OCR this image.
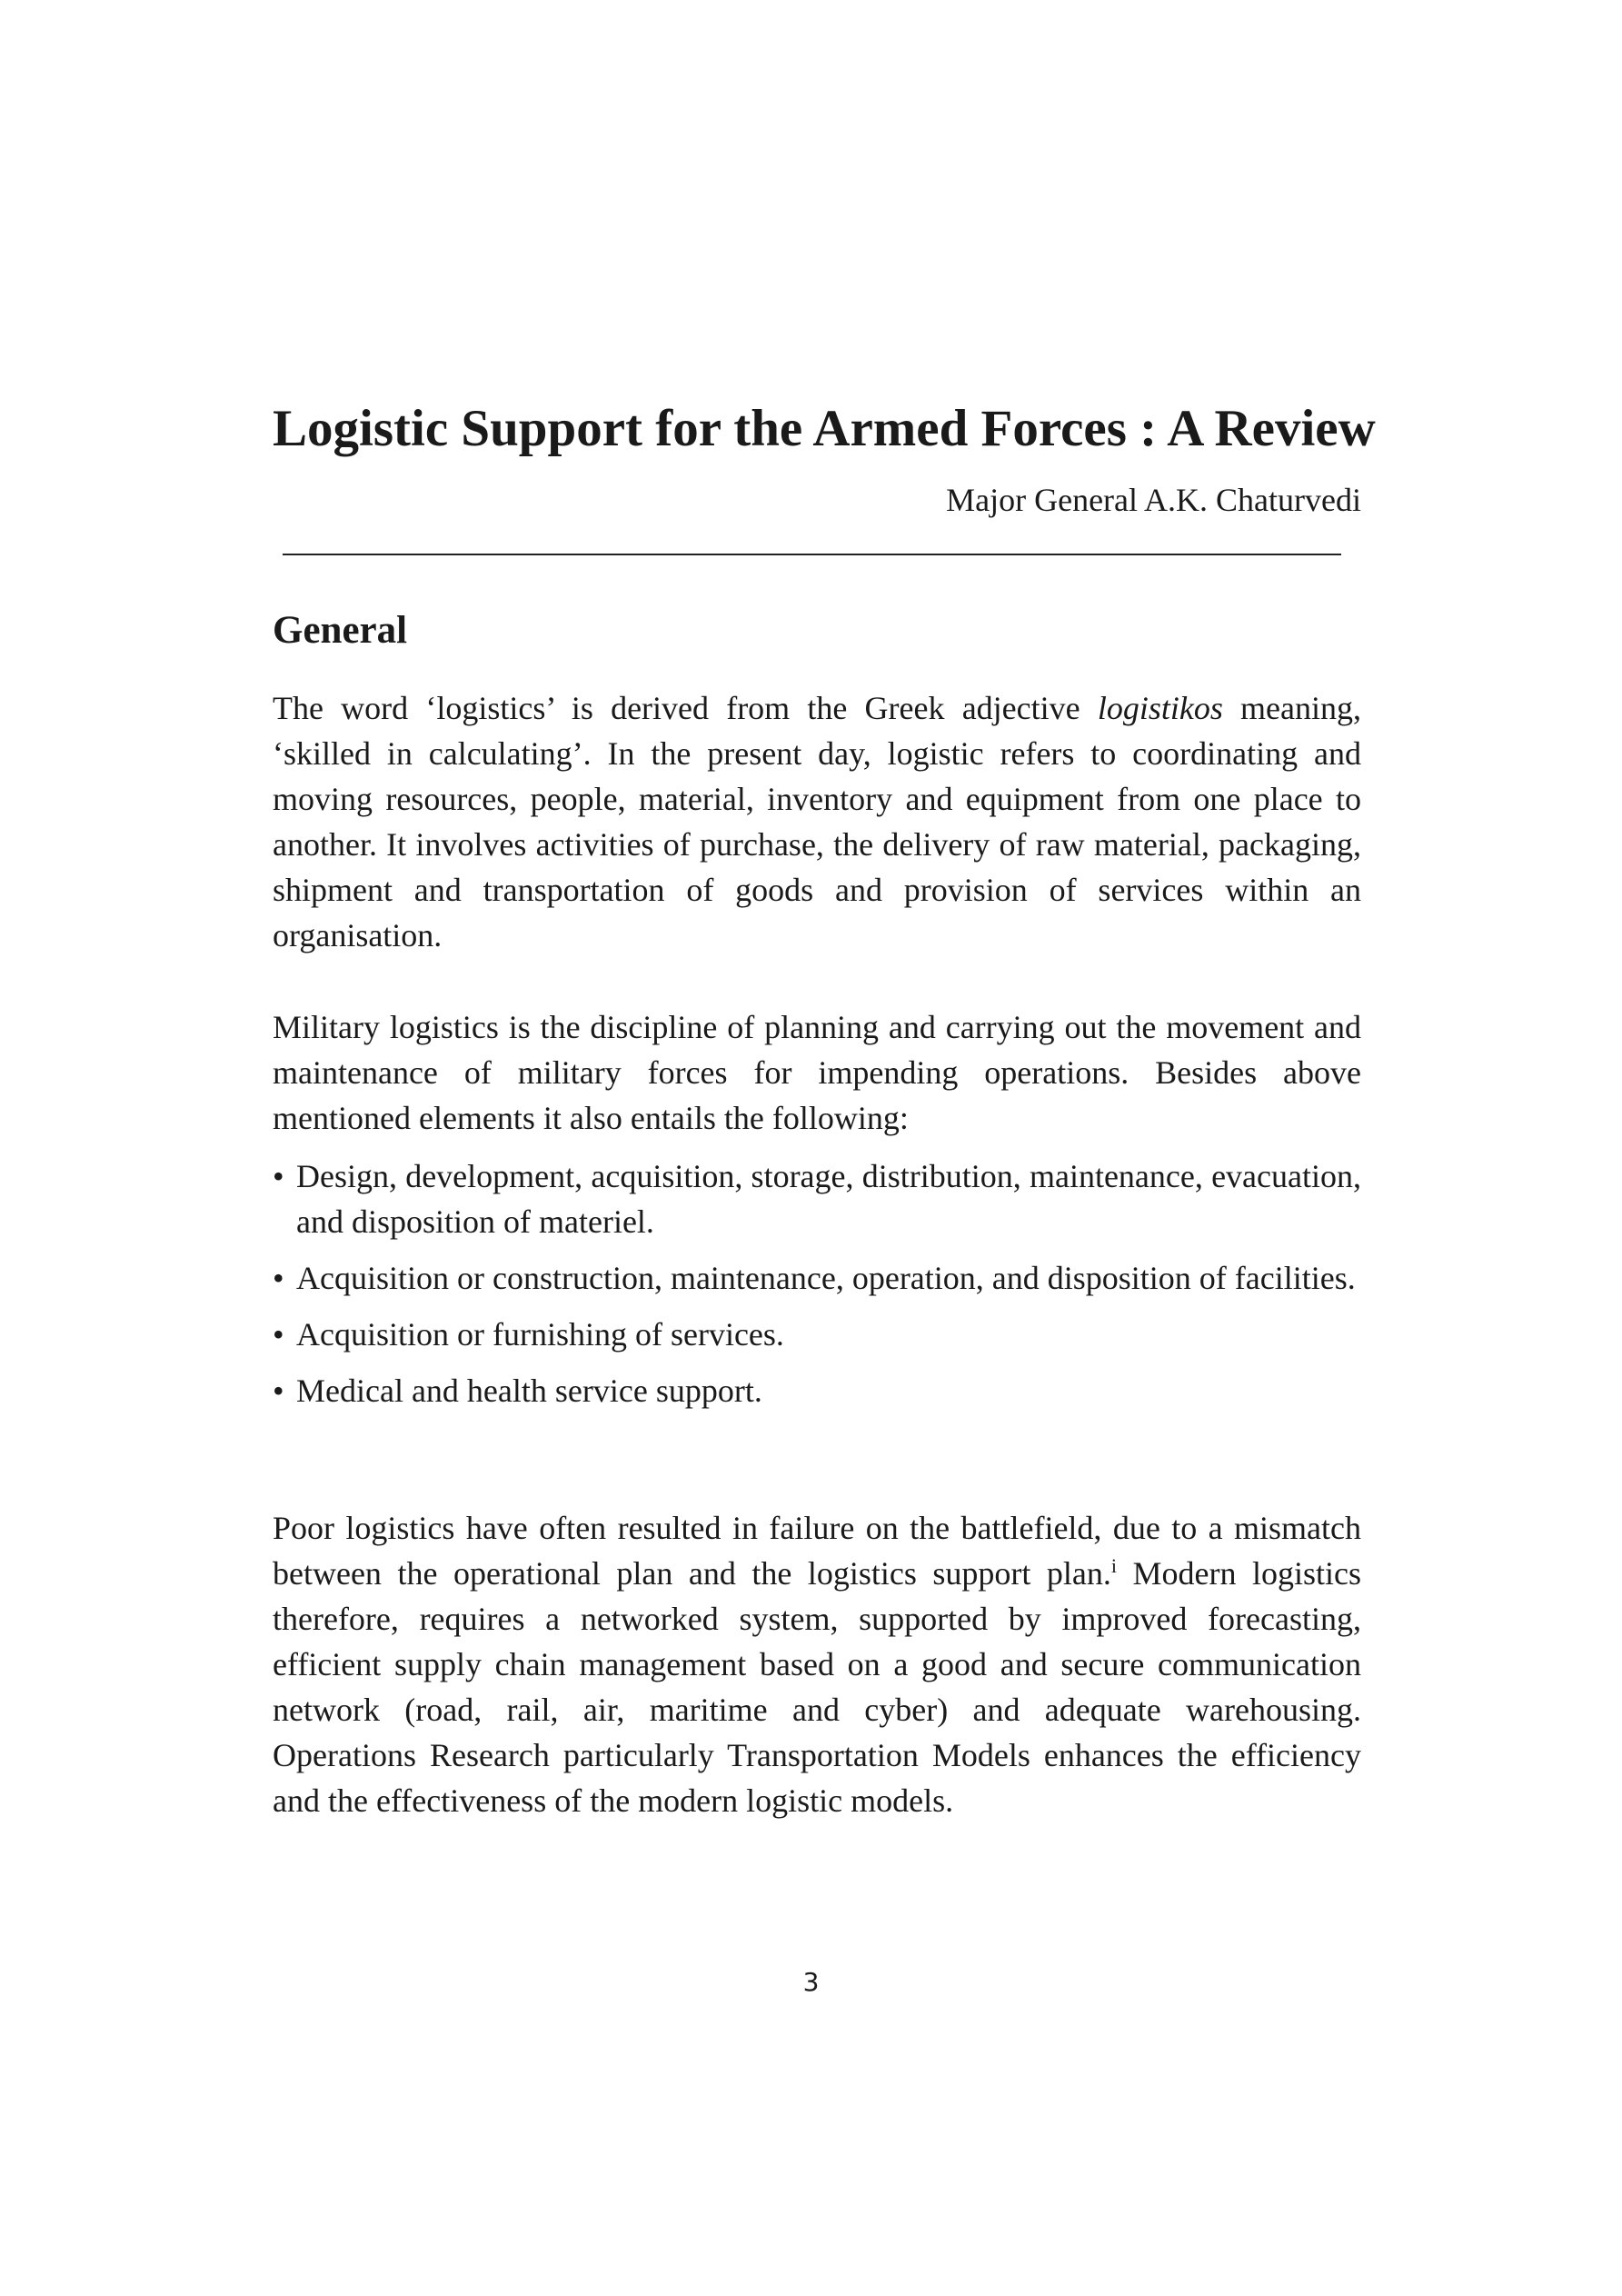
Logistic Support for the Armed Forces : A Review

Major General A.K. Chaturvedi

General

The word ‘logistics’ is derived from the Greek adjective logistikos meaning, ‘skilled in calculating’. In the present day, logistic refers to coordinating and moving resources, people, material, inventory and equipment from one place to another. It involves activities of purchase, the delivery of raw material, packaging, shipment and transportation of goods and provision of services within an organisation.

Military logistics is the discipline of planning and carrying out the movement and maintenance of military forces for impending operations. Besides above mentioned elements it also entails the following:

• Design, development, acquisition, storage, distribution, maintenance, evacuation, and disposition of materiel.
• Acquisition or construction, maintenance, operation, and disposition of facilities.
• Acquisition or furnishing of services.
• Medical and health service support.

Poor logistics have often resulted in failure on the battlefield, due to a mismatch between the operational plan and the logistics support plan.$^i$ Modern logistics therefore, requires a networked system, supported by improved forecasting, efficient supply chain management based on a good and secure communication network (road, rail, air, maritime and cyber) and adequate warehousing. Operations Research particularly Transportation Models enhances the efficiency and the effectiveness of the modern logistic models.

3
